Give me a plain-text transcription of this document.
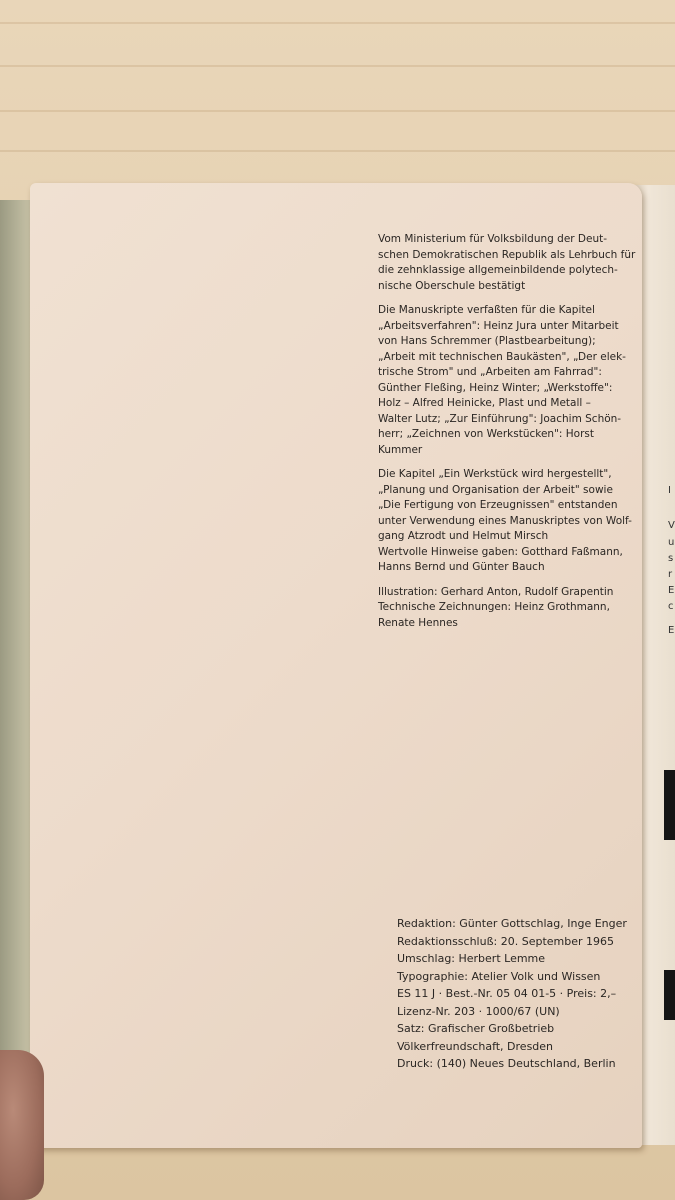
I
V
u
s
r
E
c
E
Vom Ministerium für Volksbildung der Deut-
schen Demokratischen Republik als Lehrbuch für
die zehnklassige allgemeinbildende polytech-
nische Oberschule bestätigt
Die Manuskripte verfaßten für die Kapitel
„Arbeitsverfahren": Heinz Jura unter Mitarbeit
von Hans Schremmer (Plastbearbeitung);
„Arbeit mit technischen Baukästen", „Der elek-
trische Strom" und „Arbeiten am Fahrrad":
Günther Fleßing, Heinz Winter; „Werkstoffe":
Holz – Alfred Heinicke, Plast und Metall –
Walter Lutz; „Zur Einführung": Joachim Schön-
herr; „Zeichnen von Werkstücken": Horst
Kummer
Die Kapitel „Ein Werkstück wird hergestellt",
„Planung und Organisation der Arbeit" sowie
„Die Fertigung von Erzeugnissen" entstanden
unter Verwendung eines Manuskriptes von Wolf-
gang Atzrodt und Helmut Mirsch
Wertvolle Hinweise gaben: Gotthard Faßmann,
Hanns Bernd und Günter Bauch
Illustration: Gerhard Anton, Rudolf Grapentin
Technische Zeichnungen: Heinz Grothmann,
Renate Hennes
Redaktion: Günter Gottschlag, Inge Enger
Redaktionsschluß: 20. September 1965
Umschlag: Herbert Lemme
Typographie: Atelier Volk und Wissen
ES 11 J · Best.-Nr. 05 04 01-5 · Preis: 2,–
Lizenz-Nr. 203 · 1000/67 (UN)
Satz: Grafischer Großbetrieb
Völkerfreundschaft, Dresden
Druck: (140) Neues Deutschland, Berlin
